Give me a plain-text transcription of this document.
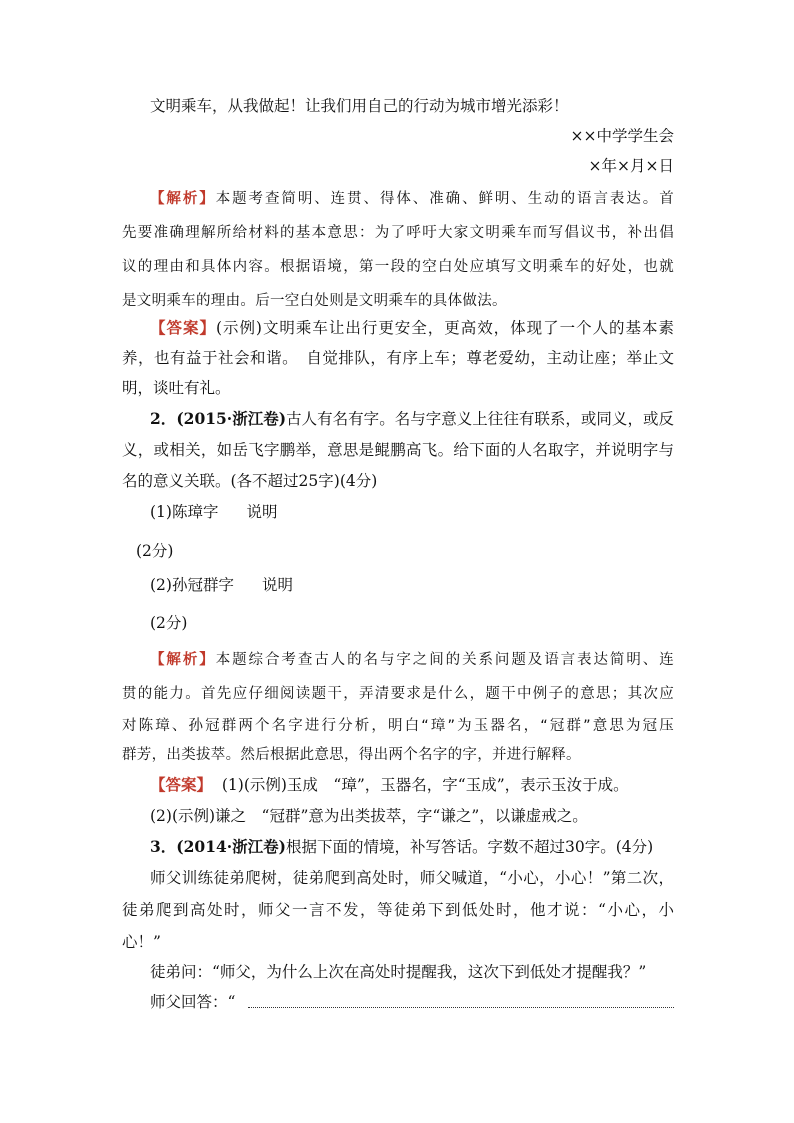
文明乘车，从我做起！让我们用自己的行动为城市增光添彩！
××中学学生会
×年×月×日
【解析】本题考查简明、连贯、得体、准确、鲜明、生动的语言表达。首
先要准确理解所给材料的基本意思：为了呼吁大家文明乘车而写倡议书，补出倡
议的理由和具体内容。根据语境，第一段的空白处应填写文明乘车的好处，也就
是文明乘车的理由。后一空白处则是文明乘车的具体做法。
【答案】(示例)文明乘车让出行更安全，更高效，体现了一个人的基本素
养，也有益于社会和谐。　自觉排队，有序上车；尊老爱幼，主动让座；举止文
明，谈吐有礼。
2．(2015·浙江卷)古人有名有字。名与字意义上往往有联系，或同义，或反
义，或相关，如岳飞字鹏举，意思是鲲鹏高飞。给下面的人名取字，并说明字与
名的意义关联。(各不超过25字)(4分)
(1)陈璋字 说明
(2分)
(2)孙冠群字 说明
(2分)
【解析】本题综合考查古人的名与字之间的关系问题及语言表达简明、连
贯的能力。首先应仔细阅读题干，弄清要求是什么，题干中例子的意思；其次应
对陈璋、孙冠群两个名字进行分析，明白“璋”为玉器名，“冠群”意思为冠压
群芳，出类拔萃。然后根据此意思，得出两个名字的字，并进行解释。
【答案】 (1)(示例)玉成　“璋”，玉器名，字“玉成”，表示玉汝于成。
(2)(示例)谦之　“冠群”意为出类拔萃，字“谦之”，以谦虚戒之。
3．(2014·浙江卷)根据下面的情境，补写答话。字数不超过30字。(4分)
师父训练徒弟爬树，徒弟爬到高处时，师父喊道，“小心，小心！”第二次，
徒弟爬到高处时，师父一言不发，等徒弟下到低处时，他才说：“小心，小
心！”
徒弟问：“师父，为什么上次在高处时提醒我，这次下到低处才提醒我？”
师父回答：“
